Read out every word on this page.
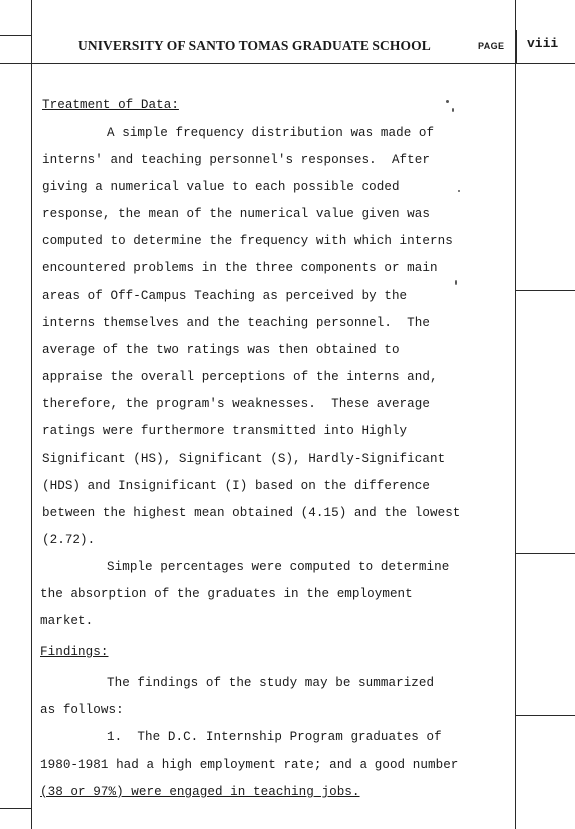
UNIVERSITY OF SANTO TOMAS GRADUATE SCHOOL	PAGE viii
Treatment of Data:
A simple frequency distribution was made of
interns' and teaching personnel's responses.  After
giving a numerical value to each possible coded
response, the mean of the numerical value given was
computed to determine the frequency with which interns
encountered problems in the three components or main
areas of Off-Campus Teaching as perceived by the
interns themselves and the teaching personnel.  The
average of the two ratings was then obtained to
appraise the overall perceptions of the interns and,
therefore, the program's weaknesses.  These average
ratings were furthermore transmitted into Highly
Significant (HS), Significant (S), Hardly-Significant
(HDS) and Insignificant (I) based on the difference
between the highest mean obtained (4.15) and the lowest
(2.72).
Simple percentages were computed to determine
the absorption of the graduates in the employment
market.
Findings:
The findings of the study may be summarized
as follows:
1.  The D.C. Internship Program graduates of
1980-1981 had a high employment rate; and a good number
(38 or 97%) were engaged in teaching jobs.
